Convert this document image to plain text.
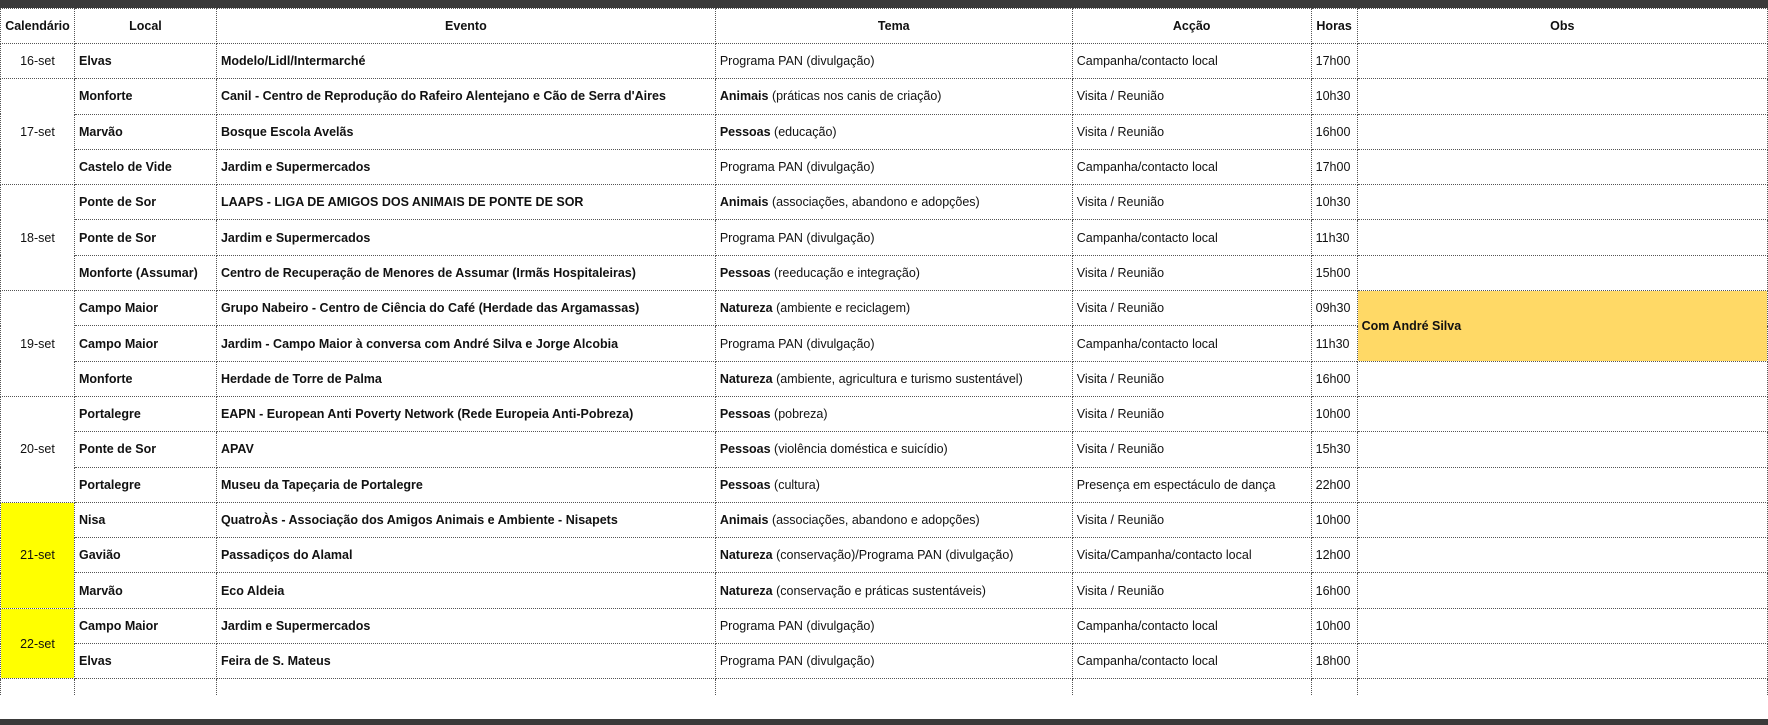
Calendário	Local	Evento	Tema	Acção	Horas	Obs
16-set	Elvas	Modelo/Lidl/Intermarché	Programa PAN (divulgação)	Campanha/contacto local	17h00	
17-set	Monforte	Canil - Centro de Reprodução do Rafeiro Alentejano e Cão de Serra d'Aires	Animais (práticas nos canis de criação)	Visita / Reunião	10h30	
	Marvão	Bosque Escola Avelãs	Pessoas (educação)	Visita / Reunião	16h00	
	Castelo de Vide	Jardim e Supermercados	Programa PAN (divulgação)	Campanha/contacto local	17h00	
18-set	Ponte de Sor	LAAPS - LIGA DE AMIGOS DOS ANIMAIS DE PONTE DE SOR	Animais (associações, abandono e adopções)	Visita / Reunião	10h30	
	Ponte de Sor	Jardim e Supermercados	Programa PAN (divulgação)	Campanha/contacto local	11h30	
	Monforte (Assumar)	Centro de Recuperação de Menores de Assumar (Irmãs Hospitaleiras)	Pessoas (reeducação e integração)	Visita / Reunião	15h00	
19-set	Campo Maior	Grupo Nabeiro - Centro de Ciência do Café (Herdade das Argamassas)	Natureza (ambiente e reciclagem)	Visita / Reunião	09h30	Com André Silva
	Campo Maior	Jardim - Campo Maior à conversa com André Silva e Jorge Alcobia	Programa PAN (divulgação)	Campanha/contacto local	11h30	
	Monforte	Herdade de Torre de Palma	Natureza (ambiente, agricultura e turismo sustentável)	Visita / Reunião	16h00	
20-set	Portalegre	EAPN - European Anti Poverty Network (Rede Europeia Anti-Pobreza)	Pessoas (pobreza)	Visita / Reunião	10h00	
	Ponte de Sor	APAV	Pessoas (violência doméstica e suicídio)	Visita / Reunião	15h30	
	Portalegre	Museu da Tapeçaria de Portalegre	Pessoas (cultura)	Presença em espectáculo de dança	22h00	
21-set	Nisa	QuatroÀs - Associação dos Amigos Animais e Ambiente - Nisapets	Animais (associações, abandono e adopções)	Visita / Reunião	10h00	
	Gavião	Passadiços do Alamal	Natureza (conservação)/Programa PAN (divulgação)	Visita/Campanha/contacto local	12h00	
	Marvão	Eco Aldeia	Natureza (conservação e práticas sustentáveis)	Visita / Reunião	16h00	
22-set	Campo Maior	Jardim e Supermercados	Programa PAN (divulgação)	Campanha/contacto local	10h00	
	Elvas	Feira de S. Mateus	Programa PAN (divulgação)	Campanha/contacto local	18h00	
